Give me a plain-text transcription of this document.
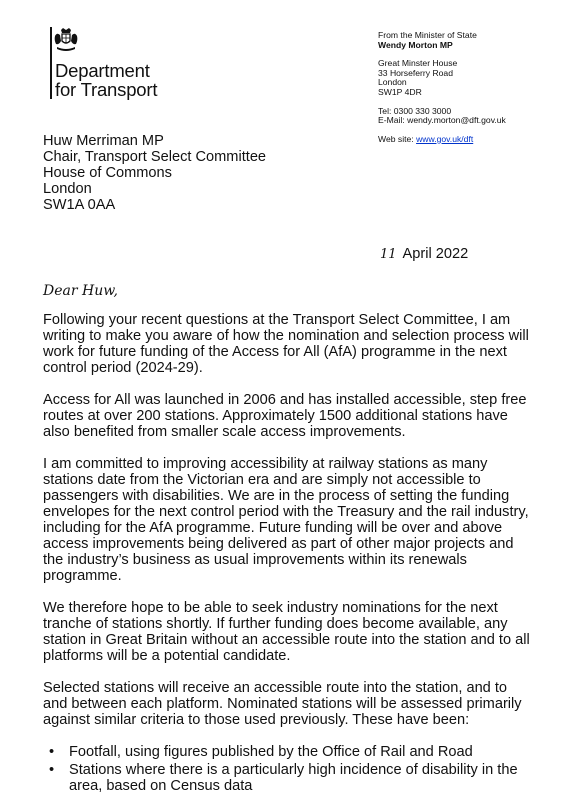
Department
for Transport
From the Minister of State
Wendy Morton MP
Great Minster House
33 Horseferry Road
London
SW1P 4DR
Tel: 0300 330 3000
E-Mail: wendy.morton@dft.gov.uk
Web site: www.gov.uk/dft
Huw Merriman MP
Chair, Transport Select Committee
House of Commons
London
SW1A 0AA
11 April 2022
Dear Huw,

Following your recent questions at the Transport Select Committee, I am writing to make you aware of how the nomination and selection process will work for future funding of the Access for All (AfA) programme in the next control period (2024-29).

Access for All was launched in 2006 and has installed accessible, step free routes at over 200 stations. Approximately 1500 additional stations have also benefited from smaller scale access improvements.

I am committed to improving accessibility at railway stations as many stations date from the Victorian era and are simply not accessible to passengers with disabilities. We are in the process of setting the funding envelopes for the next control period with the Treasury and the rail industry, including for the AfA programme. Future funding will be over and above access improvements being delivered as part of other major projects and the industry’s business as usual improvements within its renewals programme.

We therefore hope to be able to seek industry nominations for the next tranche of stations shortly. If further funding does become available, any station in Great Britain without an accessible route into the station and to all platforms will be a potential candidate.

Selected stations will receive an accessible route into the station, and to and between each platform. Nominated stations will be assessed primarily against similar criteria to those used previously. These have been:

• Footfall, using figures published by the Office of Rail and Road
• Stations where there is a particularly high incidence of disability in the area, based on Census data
